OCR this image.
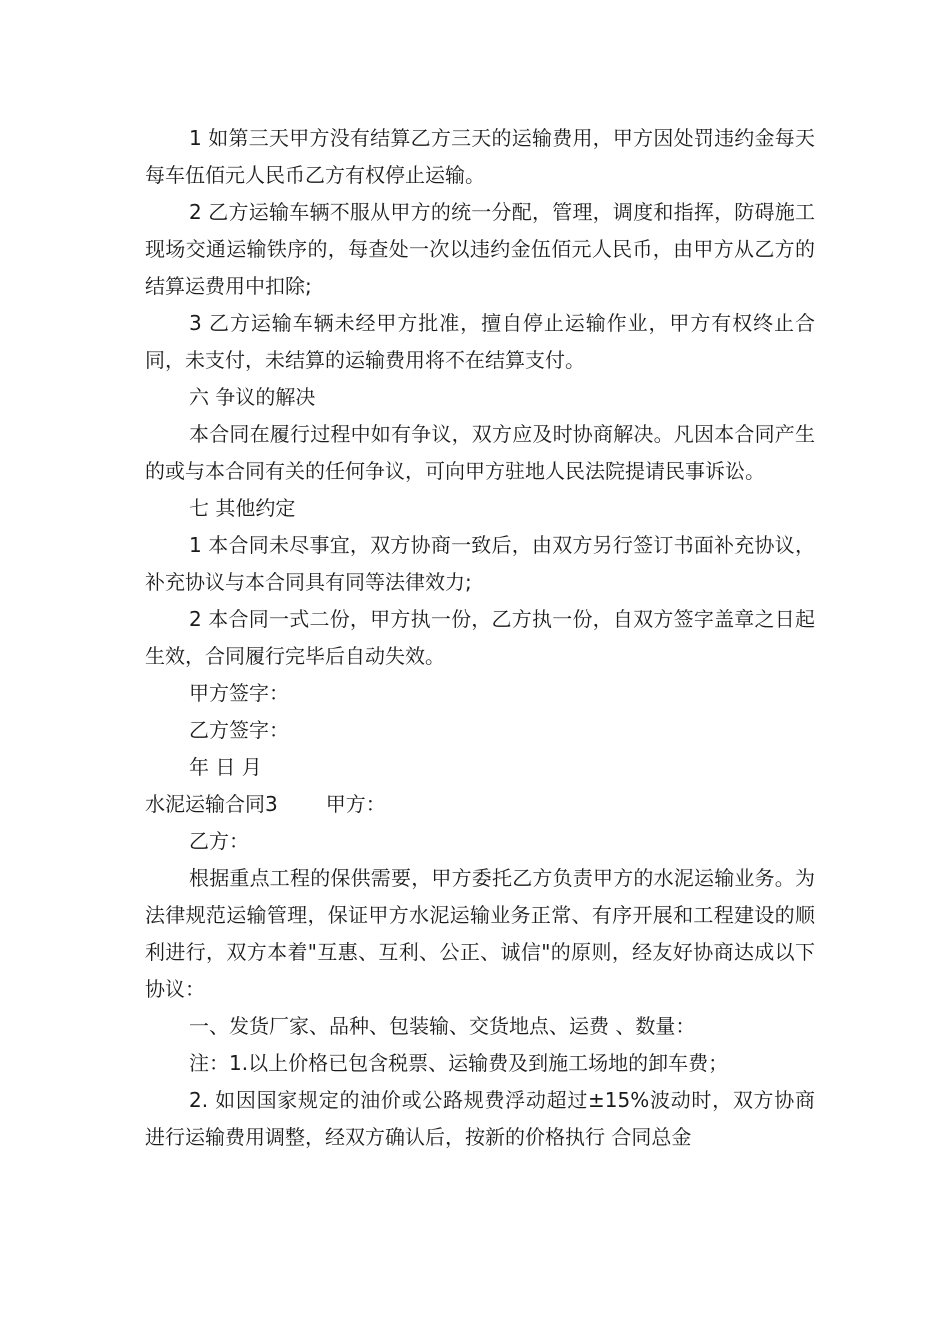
1 如第三天甲方没有结算乙方三天的运输费用，甲方因处罚违约金每天每车伍佰元人民币乙方有权停止运输。

2 乙方运输车辆不服从甲方的统一分配，管理，调度和指挥，防碍施工现场交通运输铁序的，每查处一次以违约金伍佰元人民币，由甲方从乙方的结算运费用中扣除;

3 乙方运输车辆未经甲方批准，擅自停止运输作业，甲方有权终止合同，未支付，未结算的运输费用将不在结算支付。

六 争议的解决

本合同在履行过程中如有争议，双方应及时协商解决。凡因本合同产生的或与本合同有关的任何争议，可向甲方驻地人民法院提请民事诉讼。

七 其他约定

1 本合同未尽事宜，双方协商一致后，由双方另行签订书面补充协议，补充协议与本合同具有同等法律效力;

2 本合同一式二份，甲方执一份，乙方执一份，自双方签字盖章之日起生效，合同履行完毕后自动失效。

甲方签字：

乙方签字：

年 日 月

水泥运输合同3 甲方：

乙方：

根据重点工程的保供需要，甲方委托乙方负责甲方的水泥运输业务。为法律规范运输管理，保证甲方水泥运输业务正常、有序开展和工程建设的顺利进行，双方本着"互惠、互利、公正、诚信"的原则，经友好协商达成以下协议：

一、发货厂家、品种、包装输、交货地点、运费 、数量：

注：1.以上价格已包含税票、运输费及到施工场地的卸车费；

2. 如因国家规定的油价或公路规费浮动超过±15%波动时，双方协商进行运输费用调整，经双方确认后，按新的价格执行 合同总金
